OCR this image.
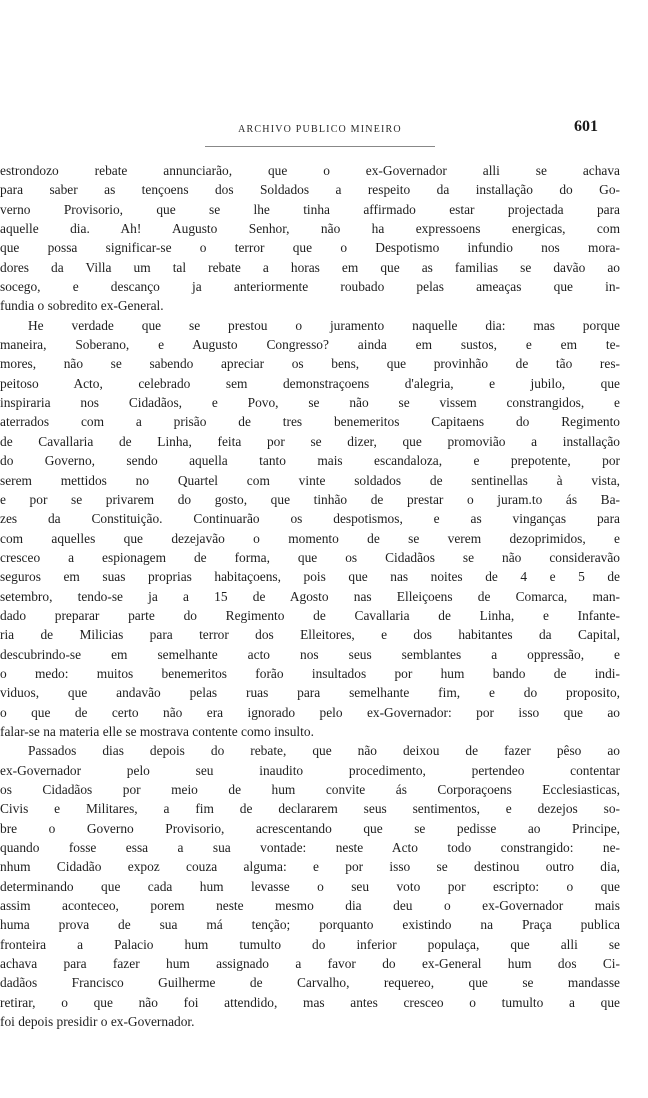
ARCHIVO PUBLICO MINEIRO	601
estrondozo rebate annunciarão, que o ex-Governador alli se achava
para saber as tençoens dos Soldados a respeito da installação do Go-
verno Provisorio, que se lhe tinha affirmado estar projectada para
aquelle dia. Ah! Augusto Senhor, não ha expressoens energicas, com
que possa significar-se o terror que o Despotismo infundio nos mora-
dores da Villa um tal rebate a horas em que as familias se davão ao
socego, e descanço ja anteriormente roubado pelas ameaças que in-
fundia o sobredito ex-General.
He verdade que se prestou o juramento naquelle dia: mas porque
maneira, Soberano, e Augusto Congresso? ainda em sustos, e em te-
mores, não se sabendo apreciar os bens, que provinhão de tão res-
peitoso Acto, celebrado sem demonstraçoens d'alegria, e jubilo, que
inspiraria nos Cidadãos, e Povo, se não se vissem constrangidos, e
aterrados com a prisão de tres benemeritos Capitaens do Regimento
de Cavallaria de Linha, feita por se dizer, que promovião a installação
do Governo, sendo aquella tanto mais escandaloza, e prepotente, por
serem mettidos no Quartel com vinte soldados de sentinellas à vista,
e por se privarem do gosto, que tinhão de prestar o juram.to ás Ba-
zes da Constituição. Continuarão os despotismos, e as vinganças para
com aquelles que dezejavão o momento de se verem dezoprimidos, e
cresceo a espionagem de forma, que os Cidadãos se não consideravão
seguros em suas proprias habitaçoens, pois que nas noites de 4 e 5 de
setembro, tendo-se ja a 15 de Agosto nas Elleiçoens de Comarca, man-
dado preparar parte do Regimento de Cavallaria de Linha, e Infante-
ria de Milicias para terror dos Elleitores, e dos habitantes da Capital,
descubrindo-se em semelhante acto nos seus semblantes a oppressão, e
o medo: muitos benemeritos forão insultados por hum bando de indi-
viduos, que andavão pelas ruas para semelhante fim, e do proposito,
o que de certo não era ignorado pelo ex-Governador: por isso que ao
falar-se na materia elle se mostrava contente como insulto.
Passados dias depois do rebate, que não deixou de fazer pêso ao
ex-Governador pelo seu inaudito procedimento, pertendeo contentar
os Cidadãos por meio de hum convite ás Corporaçoens Ecclesiasticas,
Civis e Militares, a fim de declararem seus sentimentos, e dezejos so-
bre o Governo Provisorio, acrescentando que se pedisse ao Principe,
quando fosse essa a sua vontade: neste Acto todo constrangido: ne-
nhum Cidadão expoz couza alguma: e por isso se destinou outro dia,
determinando que cada hum levasse o seu voto por escripto: o que
assim aconteceo, porem neste mesmo dia deu o ex-Governador mais
huma prova de sua má tenção; porquanto existindo na Praça publica
fronteira a Palacio hum tumulto do inferior populaça, que alli se
achava para fazer hum assignado a favor do ex-General hum dos Ci-
dadãos Francisco Guilherme de Carvalho, requereo, que se mandasse
retirar, o que não foi attendido, mas antes cresceo o tumulto a que
foi depois presidir o ex-Governador.
